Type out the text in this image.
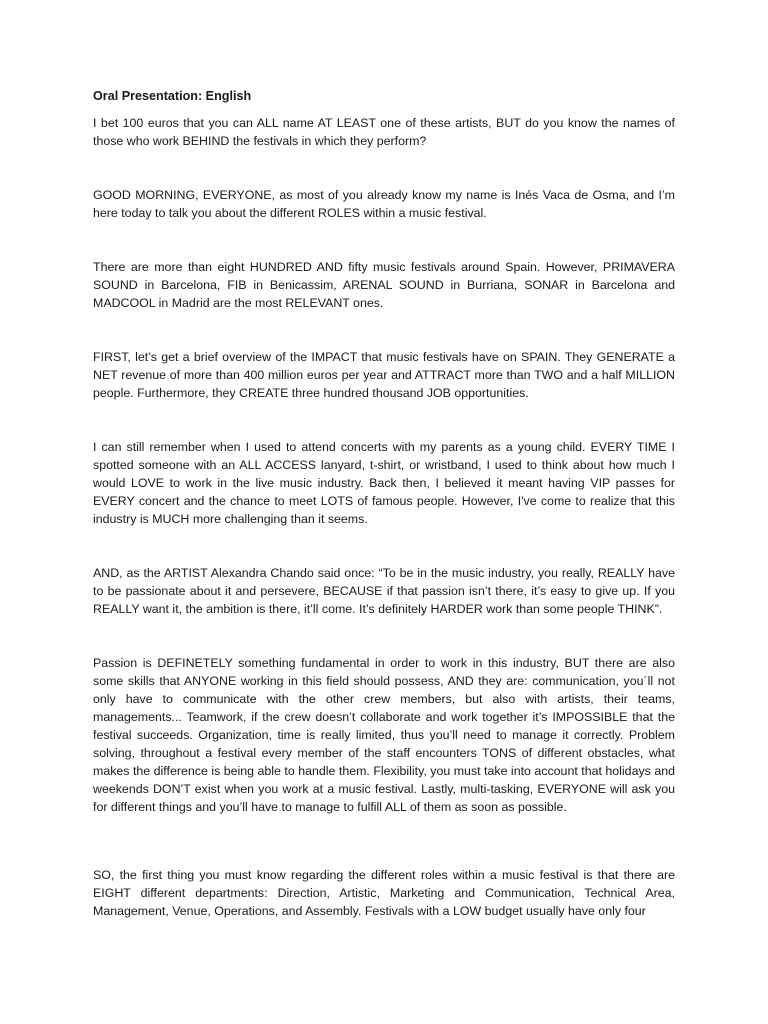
Oral Presentation: English

I bet 100 euros that you can ALL name AT LEAST one of these artists, BUT do you know the names of those who work BEHIND the festivals in which they perform?

GOOD MORNING, EVERYONE, as most of you already know my name is Inés Vaca de Osma, and I’m here today to talk you about the different ROLES within a music festival.

There are more than eight HUNDRED AND fifty music festivals around Spain. However, PRIMAVERA SOUND in Barcelona, FIB in Benicassim, ARENAL SOUND in Burriana, SONAR in Barcelona and MADCOOL in Madrid are the most RELEVANT ones.

FIRST, let’s get a brief overview of the IMPACT that music festivals have on SPAIN. They GENERATE a NET revenue of more than 400 million euros per year and ATTRACT more than TWO and a half MILLION people. Furthermore, they CREATE three hundred thousand JOB opportunities.

I can still remember when I used to attend concerts with my parents as a young child. EVERY TIME I spotted someone with an ALL ACCESS lanyard, t-shirt, or wristband, I used to think about how much I would LOVE to work in the live music industry. Back then, I believed it meant having VIP passes for EVERY concert and the chance to meet LOTS of famous people. However, I've come to realize that this industry is MUCH more challenging than it seems.

AND, as the ARTIST Alexandra Chando said once: “To be in the music industry, you really, REALLY have to be passionate about it and persevere, BECAUSE if that passion isn’t there, it’s easy to give up. If you REALLY want it, the ambition is there, it’ll come. It’s definitely HARDER work than some people THINK”.

Passion is DEFINETELY something fundamental in order to work in this industry, BUT there are also some skills that ANYONE working in this field should possess, AND they are: communication, you´ll not only have to communicate with the other crew members, but also with artists, their teams, managements... Teamwork, if the crew doesn’t collaborate and work together it’s IMPOSSIBLE that the festival succeeds. Organization, time is really limited, thus you’ll need to manage it correctly. Problem solving, throughout a festival every member of the staff encounters TONS of different obstacles, what makes the difference is being able to handle them. Flexibility, you must take into account that holidays and weekends DON’T exist when you work at a music festival. Lastly, multi-tasking, EVERYONE will ask you for different things and you’ll have to manage to fulfill ALL of them as soon as possible.

SO, the first thing you must know regarding the different roles within a music festival is that there are EIGHT different departments: Direction, Artistic, Marketing and Communication, Technical Area, Management, Venue, Operations, and Assembly. Festivals with a LOW budget usually have only four
